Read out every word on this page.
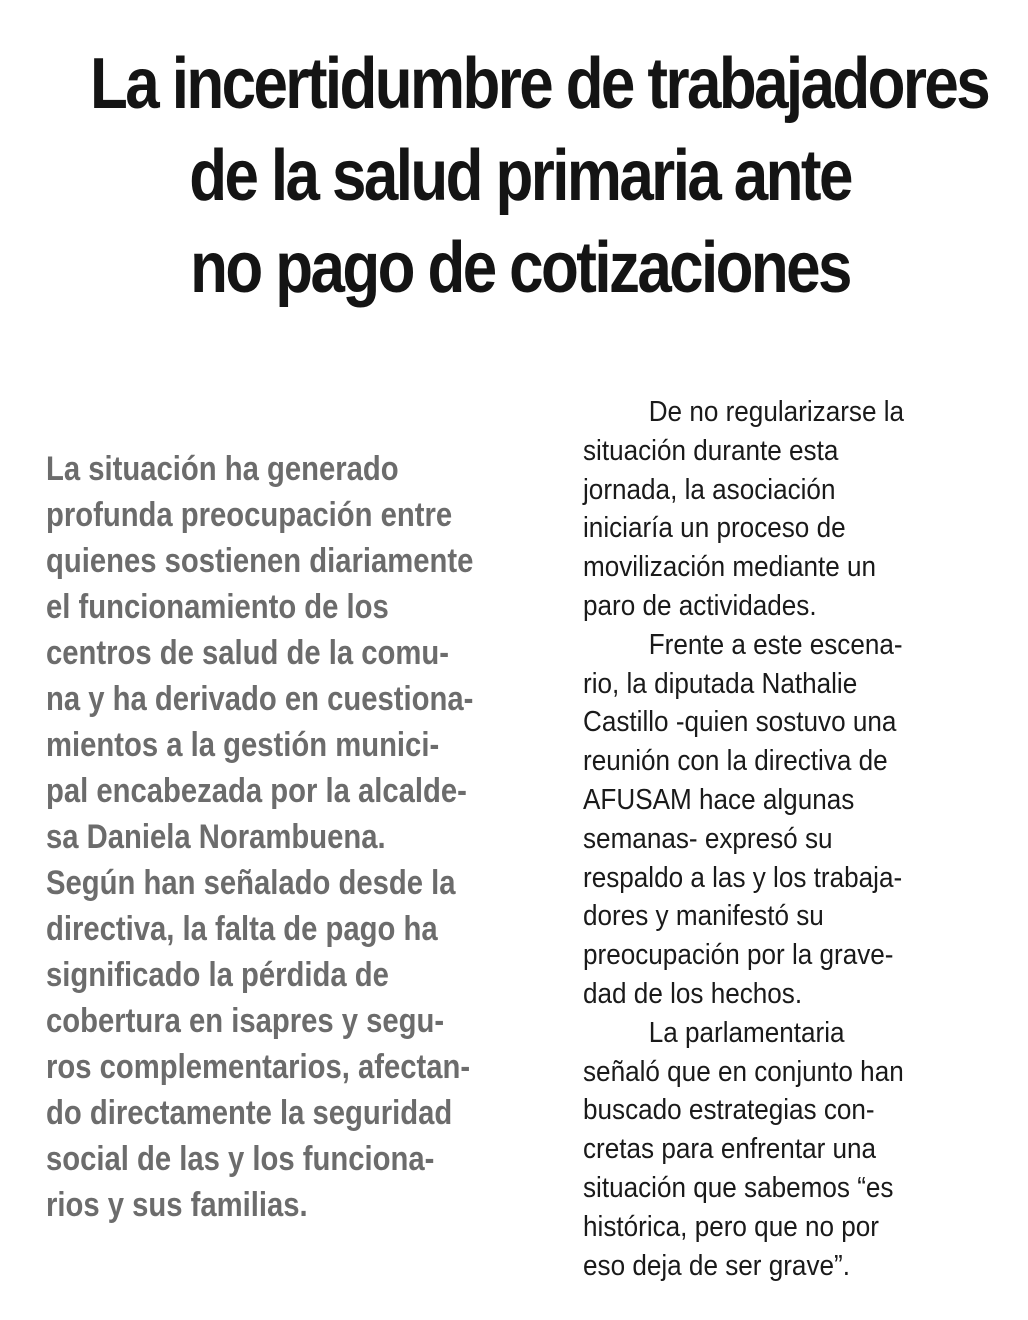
La incertidumbre de trabajadores
de la salud primaria ante
no pago de cotizaciones
La situación ha generado
profunda preocupación entre
quienes sostienen diariamente
el funcionamiento de los
centros de salud de la comu-
na y ha derivado en cuestiona-
mientos a la gestión munici-
pal encabezada por la alcalde-
sa Daniela Norambuena.
Según han señalado desde la
directiva, la falta de pago ha
significado la pérdida de
cobertura en isapres y segu-
ros complementarios, afectan-
do directamente la seguridad
social de las y los funciona-
rios y sus familias.
De no regularizarse la
situación durante esta
jornada, la asociación
iniciaría un proceso de
movilización mediante un
paro de actividades.
Frente a este escena-
rio, la diputada Nathalie
Castillo -quien sostuvo una
reunión con la directiva de
AFUSAM hace algunas
semanas- expresó su
respaldo a las y los trabaja-
dores y manifestó su
preocupación por la grave-
dad de los hechos.
La parlamentaria
señaló que en conjunto han
buscado estrategias con-
cretas para enfrentar una
situación que sabemos “es
histórica, pero que no por
eso deja de ser grave”.
